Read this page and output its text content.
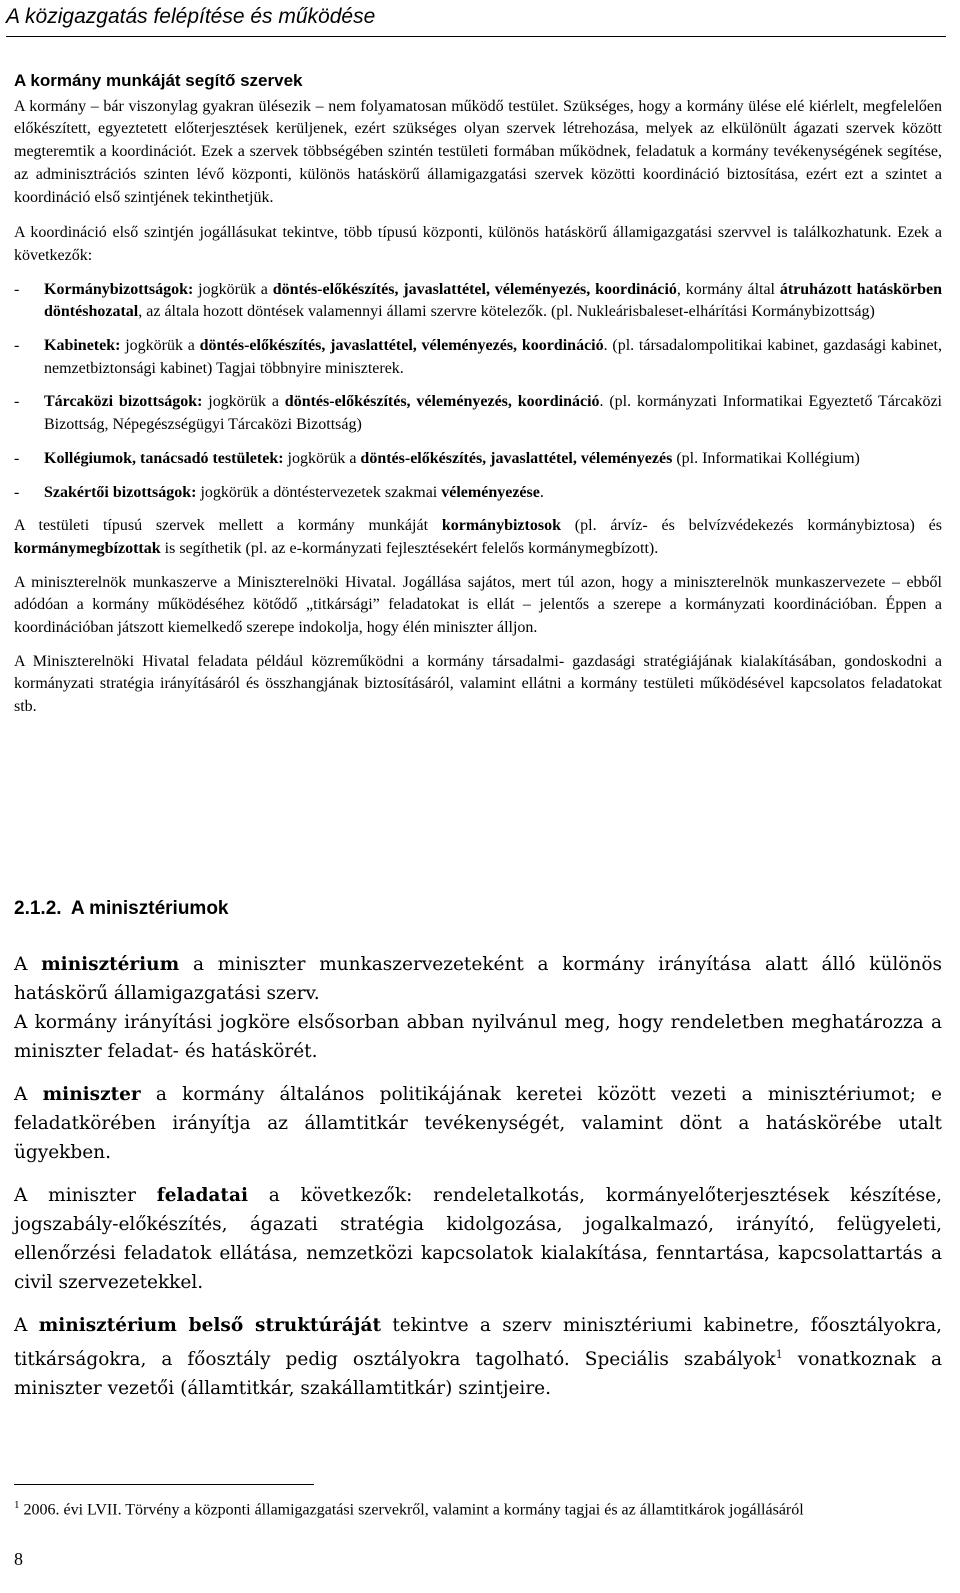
A közigazgatás felépítése és működése
A kormány munkáját segítő szervek

A kormány – bár viszonylag gyakran ülésezik – nem folyamatosan működő testület. Szükséges, hogy a kormány ülése elé kiérlelt, megfelelően előkészített, egyeztetett előterjesztések kerüljenek, ezért szükséges olyan szervek létrehozása, melyek az elkülönült ágazati szervek között megteremtik a koordinációt. Ezek a szervek többségében szintén testületi formában működnek, feladatuk a kormány tevékenységének segítése, az adminisztrációs szinten lévő központi, különös hatáskörű államigazgatási szervek közötti koordináció biztosítása, ezért ezt a szintet a koordináció első szintjének tekinthetjük.

A koordináció első szintjén jogállásukat tekintve, több típusú központi, különös hatáskörű államigazgatási szervvel is találkozhatunk. Ezek a következők:

- Kormánybizottságok: jogkörük a döntés-előkészítés, javaslattétel, véleményezés, koordináció, kormány által átruházott hatáskörben döntéshozatal, az általa hozott döntések valamennyi állami szervre kötelezők. (pl. Nukleárisbaleset-elhárítási Kormánybizottság)
- Kabinetek: jogkörük a döntés-előkészítés, javaslattétel, véleményezés, koordináció. (pl. társadalompolitikai kabinet, gazdasági kabinet, nemzetbiztonsági kabinet) Tagjai többnyire miniszterek.
- Tárcaközi bizottságok: jogkörük a döntés-előkészítés, véleményezés, koordináció. (pl. kormányzati Informatikai Egyeztető Tárcaközi Bizottság, Népegészségügyi Tárcaközi Bizottság)
- Kollégiumok, tanácsadó testületek: jogkörük a döntés-előkészítés, javaslattétel, véleményezés (pl. Informatikai Kollégium)
- Szakértői bizottságok: jogkörük a döntéstervezetek szakmai véleményezése.

A testületi típusú szervek mellett a kormány munkáját kormánybiztosok (pl. árvíz- és belvízvédekezés kormánybiztosa) és kormánymegbízottak is segíthetik (pl. az e-kormányzati fejlesztésekért felelős kormánymegbízott).

A miniszterelnök munkaszerve a Miniszterelnöki Hivatal. Jogállása sajátos, mert túl azon, hogy a miniszterelnök munkaszervezete – ebből adódóan a kormány működéséhez kötődő „titkársági” feladatokat is ellát – jelentős a szerepe a kormányzati koordinációban. Éppen a koordinációban játszott kiemelkedő szerepe indokolja, hogy élén miniszter álljon.

A Miniszterelnöki Hivatal feladata például közreműködni a kormány társadalmi- gazdasági stratégiájának kialakításában, gondoskodni a kormányzati stratégia irányításáról és összhangjának biztosításáról, valamint ellátni a kormány testületi működésével kapcsolatos feladatokat stb.

2.1.2. A minisztériumok

A minisztérium a miniszter munkaszervezeteként a kormány irányítása alatt álló különös hatáskörű államigazgatási szerv.

A kormány irányítási jogköre elsősorban abban nyilvánul meg, hogy rendeletben meghatározza a miniszter feladat- és hatáskörét.

A miniszter a kormány általános politikájának keretei között vezeti a minisztériumot; e feladatkörében irányítja az államtitkár tevékenységét, valamint dönt a hatáskörébe utalt ügyekben.

A miniszter feladatai a következők: rendeletalkotás, kormányelőterjesztések készítése, jogszabály-előkészítés, ágazati stratégia kidolgozása, jogalkalmazó, irányító, felügyeleti, ellenőrzési feladatok ellátása, nemzetközi kapcsolatok kialakítása, fenntartása, kapcsolattartás a civil szervezetekkel.

A minisztérium belső struktúráját tekintve a szerv minisztériumi kabinetre, főosztályokra, titkárságokra, a főosztály pedig osztályokra tagolható. Speciális szabályok$^1$ vonatkoznak a miniszter vezetői (államtitkár, szakállamtitkár) szintjeire.

$^1$ 2006. évi LVII. Törvény a központi államigazgatási szervekről, valamint a kormány tagjai és az államtitkárok jogállásáról
8
